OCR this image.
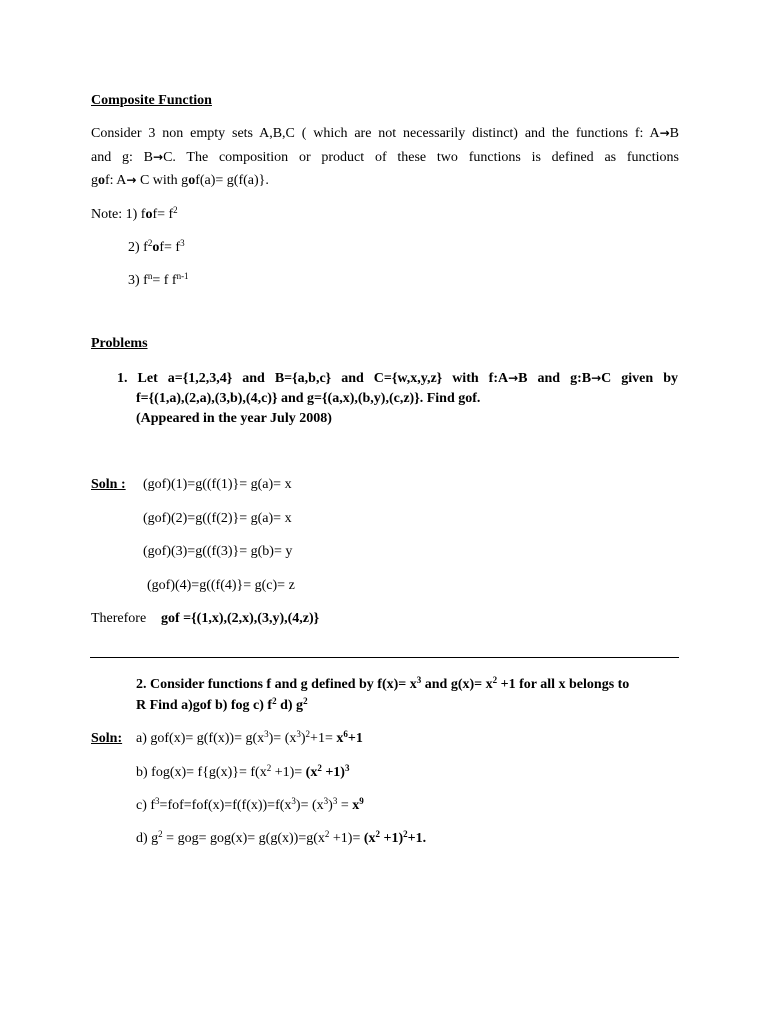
Composite Function
Consider 3 non empty sets A,B,C ( which are not necessarily distinct) and the functions f: A→B
and g: B→C. The composition or product of these two functions is defined as functions
gof: A→ C with gof(a)= g(f(a)}.
Note: 1) $fof= f^2$
2) $f^2of= f^3$
3) $f^n= f$ $f^{n-1}$
Problems
1. Let a={1,2,3,4} and B={a,b,c} and C={w,x,y,z} with f:A→B and g:B→C given by
f={(1,a),(2,a),(3,b),(4,c)} and g={(a,x),(b,y),(c,z)}. Find gof.
(Appeared in the year July 2008)
Soln : (gof)(1)=g((f(1)}= g(a)= x
(gof)(2)=g((f(2)}= g(a)= x
(gof)(3)=g((f(3)}= g(b)= y
(gof)(4)=g((f(4)}= g(c)= z
Therefore gof ={(1,x),(2,x),(3,y),(4,z)}
2. Consider functions f and g defined by $f(x)= x^3$ and $g(x)= x^2 +1$ for all x belongs to
R Find a)gof b) fog c) $f^2$ d) $g^2$
Soln: a) $gof(x)= g(f(x))= g(x^3)= (x^3)^2+1= x^6+1$
b) $fog(x)= f\{g(x)\}= f(x^2 +1)= (x^2 +1)^3$
c) $f^3=fof=fof(x)=f(f(x))=f(x^3)= (x^3)^3 = x^9$
d) $g^2 = gog= gog(x)= g(g(x))=g(x^2 +1)= (x^2 +1)^2+1$.
